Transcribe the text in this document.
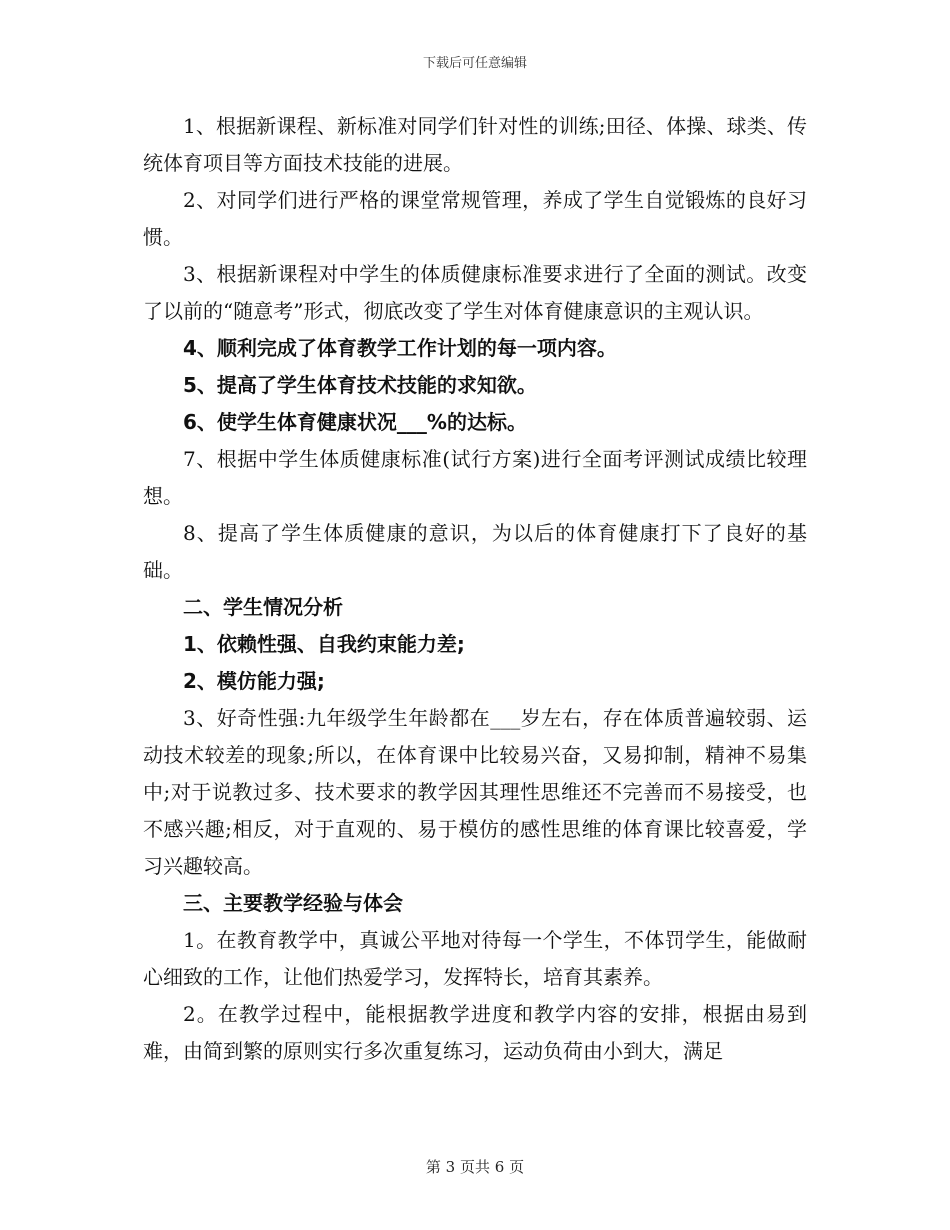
下载后可任意编辑

1、根据新课程、新标准对同学们针对性的训练;田径、体操、球类、传统体育项目等方面技术技能的进展。

2、对同学们进行严格的课堂常规管理，养成了学生自觉锻炼的良好习惯。

3、根据新课程对中学生的体质健康标准要求进行了全面的测试。改变了以前的“随意考”形式，彻底改变了学生对体育健康意识的主观认识。

4、顺利完成了体育教学工作计划的每一项内容。

5、提高了学生体育技术技能的求知欲。

6、使学生体育健康状况___%的达标。

7、根据中学生体质健康标准(试行方案)进行全面考评测试成绩比较理想。

8、提高了学生体质健康的意识，为以后的体育健康打下了良好的基础。

二、学生情况分析

1、依赖性强、自我约束能力差;

2、模仿能力强;

3、好奇性强:九年级学生年龄都在___岁左右，存在体质普遍较弱、运动技术较差的现象;所以，在体育课中比较易兴奋，又易抑制，精神不易集中;对于说教过多、技术要求的教学因其理性思维还不完善而不易接受，也不感兴趣;相反，对于直观的、易于模仿的感性思维的体育课比较喜爱，学习兴趣较高。

三、主要教学经验与体会

1。在教育教学中，真诚公平地对待每一个学生，不体罚学生，能做耐心细致的工作，让他们热爱学习，发挥特长，培育其素养。

2。在教学过程中，能根据教学进度和教学内容的安排，根据由易到难，由简到繁的原则实行多次重复练习，运动负荷由小到大，满足

第 3 页共 6 页
